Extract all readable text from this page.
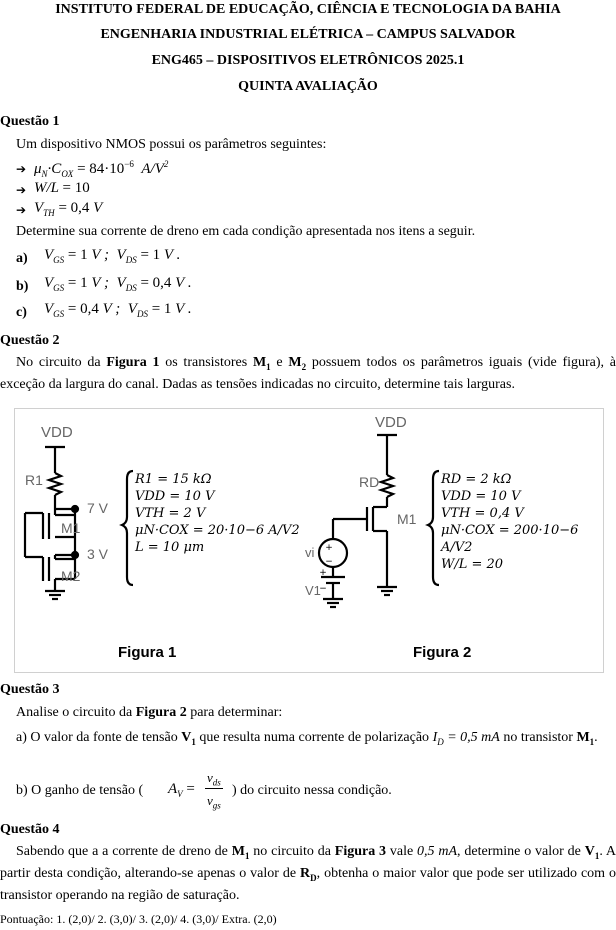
INSTITUTO FEDERAL DE EDUCAÇÃO, CIÊNCIA E TECNOLOGIA DA BAHIA
ENGENHARIA INDUSTRIAL ELÉTRICA – CAMPUS SALVADOR
ENG465 – DISPOSITIVOS ELETRÔNICOS 2025.1
QUINTA AVALIAÇÃO
Questão 1
Um dispositivo NMOS possui os parâmetros seguintes:
➔ $\mu_N\cdot C_{OX} = 84\cdot 10^{-6}$  $A/V^2$
➔ W/L = 10
➔ $V_{TH} = 0,4$ V
Determine sua corrente de dreno em cada condição apresentada nos itens a seguir.
a) $V_{GS} = 1$ V ;  $V_{DS} = 1$ V .
b) $V_{GS} = 1$ V ;  $V_{DS} = 0,4$ V .
c) $V_{GS} = 0,4$ V ;  $V_{DS} = 1$ V .
Questão 2
No circuito da Figura 1 os transistores $M_1$ e $M_2$ possuem todos os parâmetros iguais (vide figura), à exceção da largura do canal. Dadas as tensões indicadas no circuito, determine tais larguras.
+
−
+
−
VDD
R1
7 V
M1
3 V
M2
VDD
RD
M1
vi
V1
R1 = 15 kΩ
VDD = 10 V
VTH = 2 V
μN·COX = 20·10−6 A/V2
L = 10 μm
RD = 2 kΩ
VDD = 10 V
VTH = 0,4 V
μN·COX = 200·10−6 A/V2
W/L = 20
Figura 1	Figura 2
Questão 3
Analise o circuito da Figura 2 para determinar:
a) O valor da fonte de tensão $V_1$ que resulta numa corrente de polarização $I_D = 0,5$ mA no transistor $M_1$.
b) O ganho de tensão ( $A_V$ =
$v_{ds}$
$v_{gs}$
) do circuito nessa condição.
Questão 4
Sabendo que a a corrente de dreno de $M_1$ no circuito da Figura 3 vale 0,5 mA, determine o valor de $V_1$. A partir desta condição, alterando-se apenas o valor de $R_D$, obtenha o maior valor que pode ser utilizado com o transistor operando na região de saturação.
Pontuação: 1. (2,0)/ 2. (3,0)/ 3. (2,0)/ 4. (3,0)/ Extra. (2,0)
